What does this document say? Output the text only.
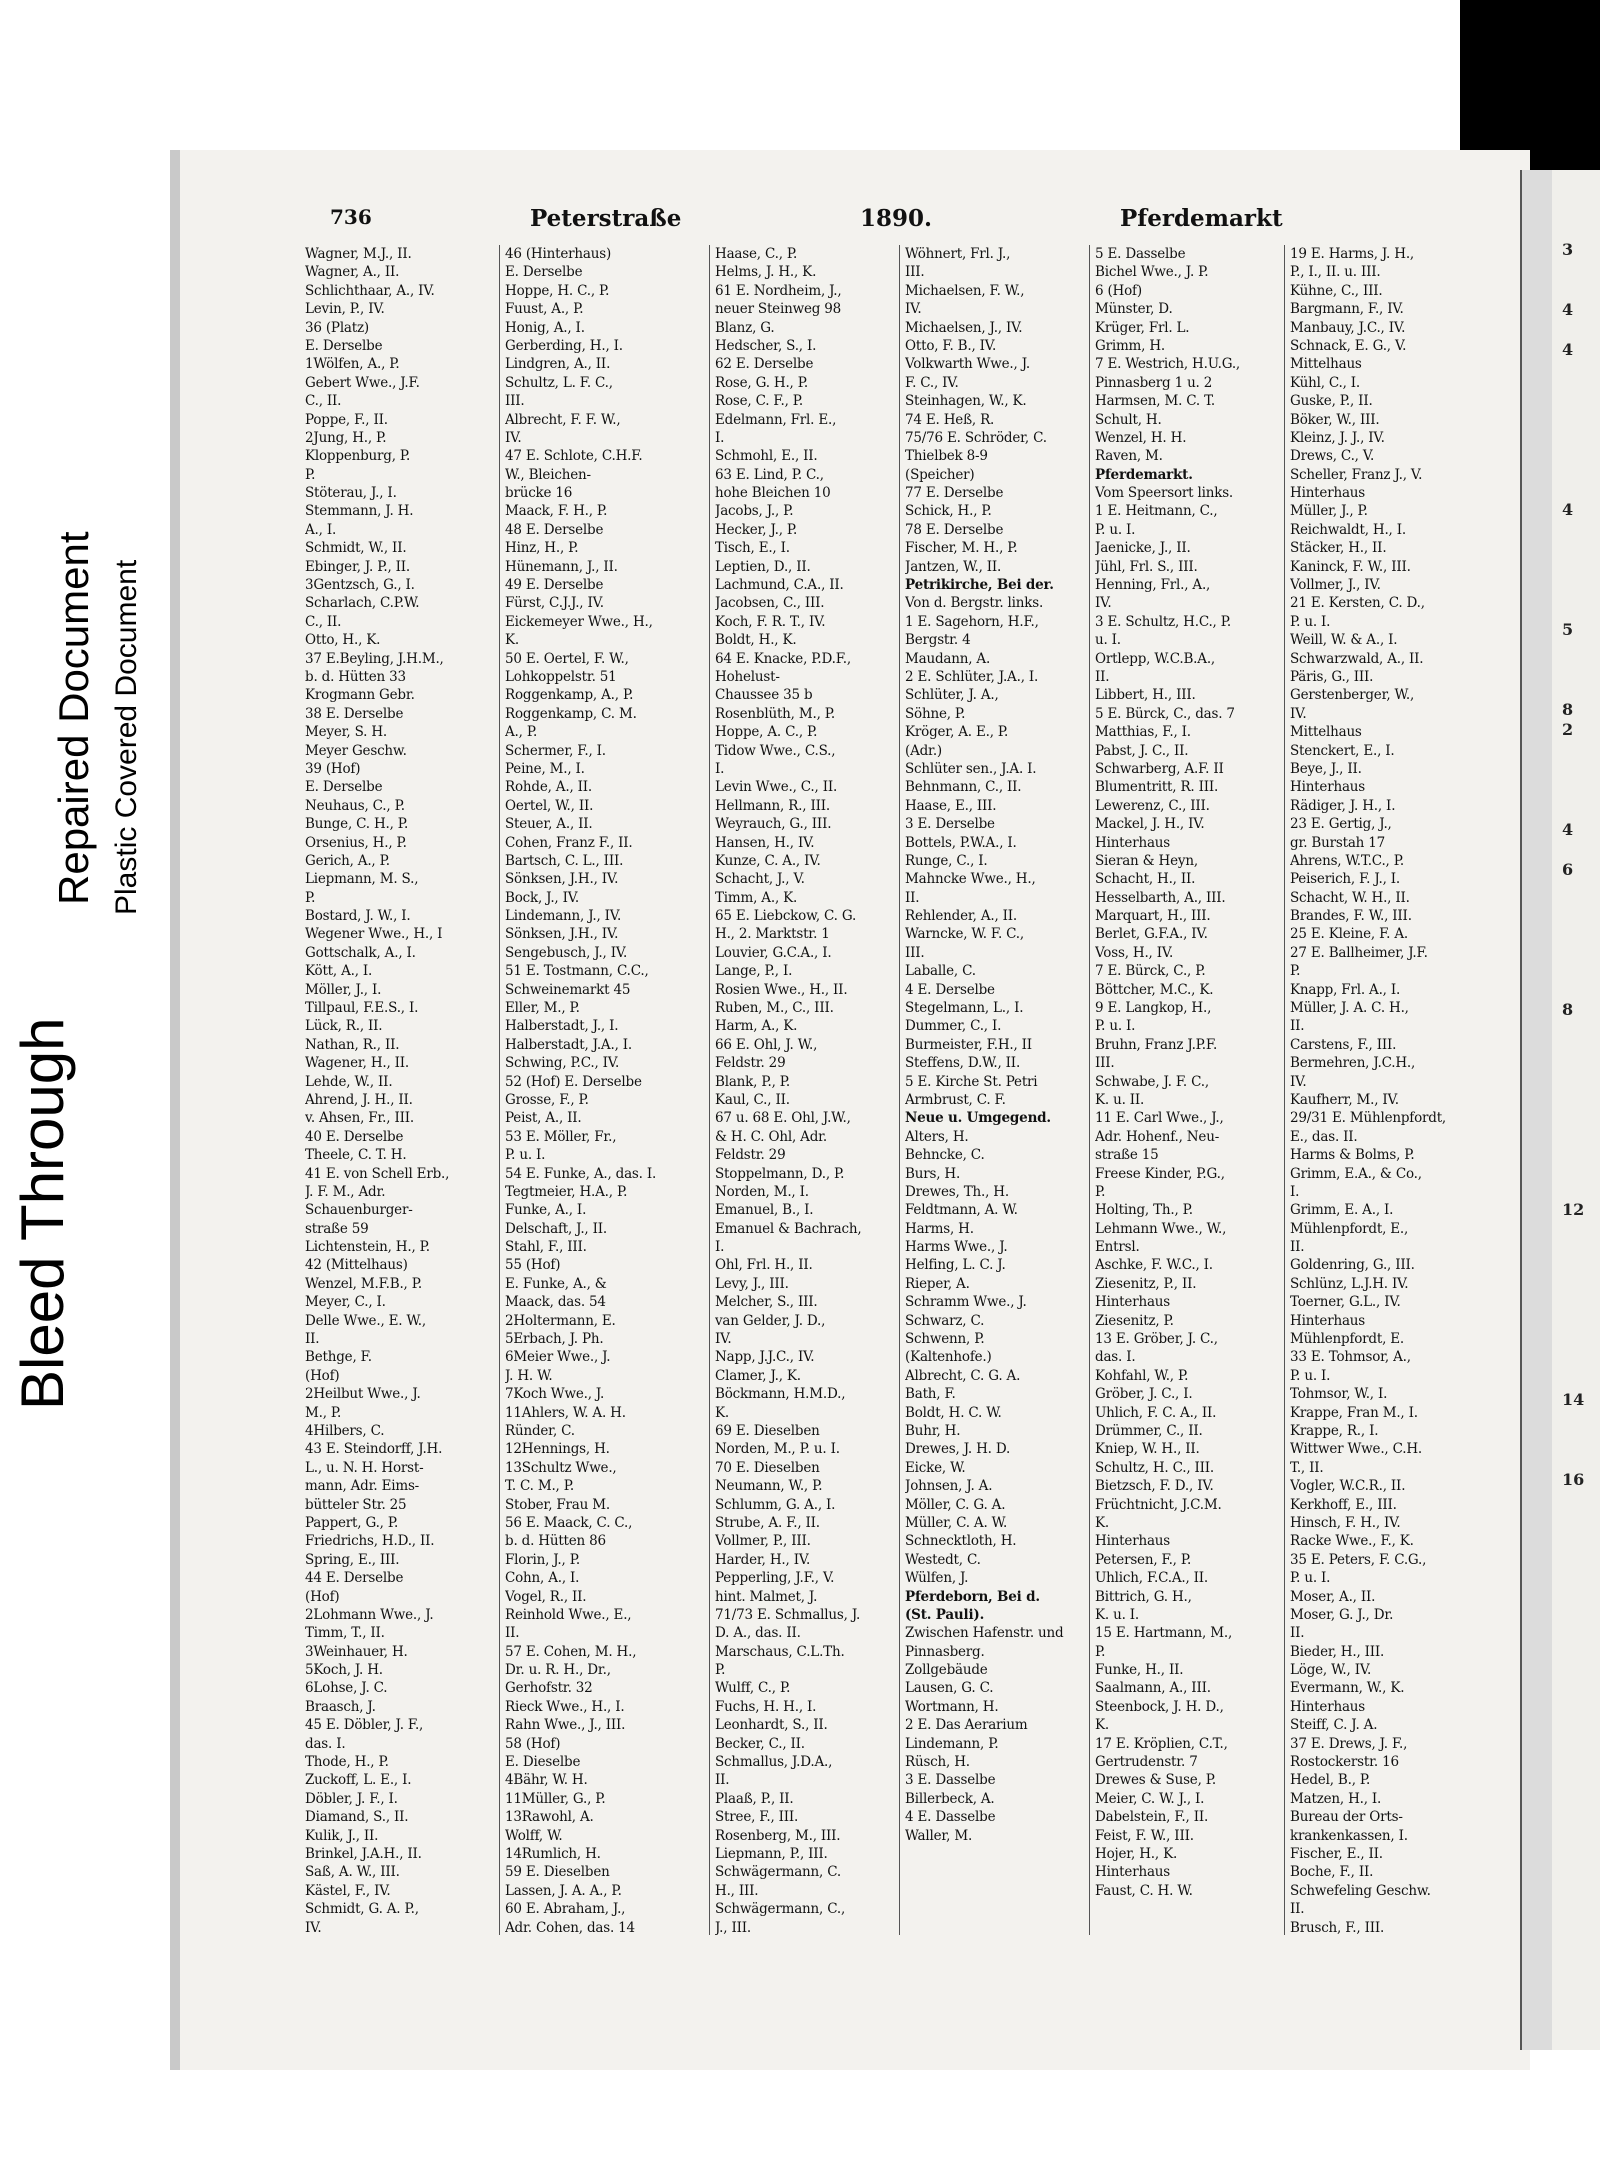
Bleed Through
Repaired Document Plastic Covered Document
3
4
4
4
5
8
2
4
6
8
12
14
16
736	Peterstraße	1890.	Pferdemarkt
Wagner, M.J., II.
Wagner, A., II.
Schlichthaar, A., IV.
Levin, P., IV.
36 (Platz)
E. Derselbe
1Wölfen, A., P.
Gebert Wwe., J.F.
C., II.
Poppe, F., II.
2Jung, H., P.
Kloppenburg, P.
P.
Stöterau, J., I.
Stemmann, J. H.
A., I.
Schmidt, W., II.
Ebinger, J. P., II.
3Gentzsch, G., I.
Scharlach, C.P.W.
C., II.
Otto, H., K.
37 E.Beyling, J.H.M.,
b. d. Hütten 33
Krogmann Gebr.
38 E. Derselbe
Meyer, S. H.
Meyer Geschw.
39 (Hof)
E. Derselbe
Neuhaus, C., P.
Bunge, C. H., P.
Orsenius, H., P.
Gerich, A., P.
Liepmann, M. S.,
P.
Bostard, J. W., I.
Wegener Wwe., H., I
Gottschalk, A., I.
Kött, A., I.
Möller, J., I.
Tillpaul, F.E.S., I.
Lück, R., II.
Nathan, R., II.
Wagener, H., II.
Lehde, W., II.
Ahrend, J. H., II.
v. Ahsen, Fr., III.
40 E. Derselbe
Theele, C. T. H.
41 E. von Schell Erb.,
J. F. M., Adr.
Schauenburger-
straße 59
Lichtenstein, H., P.
42 (Mittelhaus)
Wenzel, M.F.B., P.
Meyer, C., I.
Delle Wwe., E. W.,
II.
Bethge, F.
(Hof)
2Heilbut Wwe., J.
M., P.
4Hilbers, C.
43 E. Steindorff, J.H.
L., u. N. H. Horst-
mann, Adr. Eims-
bütteler Str. 25
Pappert, G., P.
Friedrichs, H.D., II.
Spring, E., III.
44 E. Derselbe
(Hof)
2Lohmann Wwe., J.
Timm, T., II.
3Weinhauer, H.
5Koch, J. H.
6Lohse, J. C.
Braasch, J.
45 E. Döbler, J. F.,
das. I.
Thode, H., P.
Zuckoff, L. E., I.
Döbler, J. F., I.
Diamand, S., II.
Kulik, J., II.
Brinkel, J.A.H., II.
Saß, A. W., III.
Kästel, F., IV.
Schmidt, G. A. P.,
IV.
46 (Hinterhaus)
E. Derselbe
Hoppe, H. C., P.
Fuust, A., P.
Honig, A., I.
Gerberding, H., I.
Lindgren, A., II.
Schultz, L. F. C.,
III.
Albrecht, F. F. W.,
IV.
47 E. Schlote, C.H.F.
W., Bleichen-
brücke 16
Maack, F. H., P.
48 E. Derselbe
Hinz, H., P.
Hünemann, J., II.
49 E. Derselbe
Fürst, C.J.J., IV.
Eickemeyer Wwe., H.,
K.
50 E. Oertel, F. W.,
Lohkoppelstr. 51
Roggenkamp, A., P.
Roggenkamp, C. M.
A., P.
Schermer, F., I.
Peine, M., I.
Rohde, A., II.
Oertel, W., II.
Steuer, A., II.
Cohen, Franz F., II.
Bartsch, C. L., III.
Sönksen, J.H., IV.
Bock, J., IV.
Lindemann, J., IV.
Sönksen, J.H., IV.
Sengebusch, J., IV.
51 E. Tostmann, C.C.,
Schweinemarkt 45
Eller, M., P.
Halberstadt, J., I.
Halberstadt, J.A., I.
Schwing, P.C., IV.
52 (Hof) E. Derselbe
Grosse, F., P.
Peist, A., II.
53 E. Möller, Fr.,
P. u. I.
54 E. Funke, A., das. I.
Tegtmeier, H.A., P.
Funke, A., I.
Delschaft, J., II.
Stahl, F., III.
55 (Hof)
E. Funke, A., &
Maack, das. 54
2Holtermann, E.
5Erbach, J. Ph.
6Meier Wwe., J.
J. H. W.
7Koch Wwe., J.
11Ahlers, W. A. H.
Ründer, C.
12Hennings, H.
13Schultz Wwe.,
T. C. M., P.
Stober, Frau M.
56 E. Maack, C. C.,
b. d. Hütten 86
Florin, J., P.
Cohn, A., I.
Vogel, R., II.
Reinhold Wwe., E.,
II.
57 E. Cohen, M. H.,
Dr. u. R. H., Dr.,
Gerhofstr. 32
Rieck Wwe., H., I.
Rahn Wwe., J., III.
58 (Hof)
E. Dieselbe
4Bähr, W. H.
11Müller, G., P.
13Rawohl, A.
Wolff, W.
14Rumlich, H.
59 E. Dieselben
Lassen, J. A. A., P.
60 E. Abraham, J.,
Adr. Cohen, das. 14
Haase, C., P.
Helms, J. H., K.
61 E. Nordheim, J.,
neuer Steinweg 98
Blanz, G.
Hedscher, S., I.
62 E. Derselbe
Rose, G. H., P.
Rose, C. F., P.
Edelmann, Frl. E.,
I.
Schmohl, E., II.
63 E. Lind, P. C.,
hohe Bleichen 10
Jacobs, J., P.
Hecker, J., P.
Tisch, E., I.
Leptien, D., II.
Lachmund, C.A., II.
Jacobsen, C., III.
Koch, F. R. T., IV.
Boldt, H., K.
64 E. Knacke, P.D.F.,
Hohelust-
Chaussee 35 b
Rosenblüth, M., P.
Hoppe, A. C., P.
Tidow Wwe., C.S.,
I.
Levin Wwe., C., II.
Hellmann, R., III.
Weyrauch, G., III.
Hansen, H., IV.
Kunze, C. A., IV.
Schacht, J., V.
Timm, A., K.
65 E. Liebckow, C. G.
H., 2. Marktstr. 1
Louvier, G.C.A., I.
Lange, P., I.
Rosien Wwe., H., II.
Ruben, M., C., III.
Harm, A., K.
66 E. Ohl, J. W.,
Feldstr. 29
Blank, P., P.
Kaul, C., II.
67 u. 68 E. Ohl, J.W.,
& H. C. Ohl, Adr.
Feldstr. 29
Stoppelmann, D., P.
Norden, M., I.
Emanuel, B., I.
Emanuel & Bachrach,
I.
Ohl, Frl. H., II.
Levy, J., III.
Melcher, S., III.
van Gelder, J. D.,
IV.
Napp, J.J.C., IV.
Clamer, J., K.
Böckmann, H.M.D.,
K.
69 E. Dieselben
Norden, M., P. u. I.
70 E. Dieselben
Neumann, W., P.
Schlumm, G. A., I.
Strube, A. F., II.
Vollmer, P., III.
Harder, H., IV.
Pepperling, J.F., V.
hint. Malmet, J.
71/73 E. Schmallus, J.
D. A., das. II.
Marschaus, C.L.Th.
P.
Wulff, C., P.
Fuchs, H. H., I.
Leonhardt, S., II.
Becker, C., II.
Schmallus, J.D.A.,
II.
Plaaß, P., II.
Stree, F., III.
Rosenberg, M., III.
Liepmann, P., III.
Schwägermann, C.
H., III.
Schwägermann, C.,
J., III.
Wöhnert, Frl. J.,
III.
Michaelsen, F. W.,
IV.
Michaelsen, J., IV.
Otto, F. B., IV.
Volkwarth Wwe., J.
F. C., IV.
Steinhagen, W., K.
74 E. Heß, R.
75/76 E. Schröder, C.
Thielbek 8-9
(Speicher)
77 E. Derselbe
Schick, H., P.
78 E. Derselbe
Fischer, M. H., P.
Jantzen, W., II.
Petrikirche, Bei der.
Von d. Bergstr. links.
1 E. Sagehorn, H.F.,
Bergstr. 4
Maudann, A.
2 E. Schlüter, J.A., I.
Schlüter, J. A.,
Söhne, P.
Kröger, A. E., P.
(Adr.)
Schlüter sen., J.A. I.
Behnmann, C., II.
Haase, E., III.
3 E. Derselbe
Bottels, P.W.A., I.
Runge, C., I.
Mahncke Wwe., H.,
II.
Rehlender, A., II.
Warncke, W. F. C.,
III.
Laballe, C.
4 E. Derselbe
Stegelmann, L., I.
Dummer, C., I.
Burmeister, F.H., II
Steffens, D.W., II.
5 E. Kirche St. Petri
Armbrust, C. F.
Neue u. Umgegend.
Alters, H.
Behncke, C.
Burs, H.
Drewes, Th., H.
Feldtmann, A. W.
Harms, H.
Harms Wwe., J.
Helfing, L. C. J.
Rieper, A.
Schramm Wwe., J.
Schwarz, C.
Schwenn, P.
(Kaltenhofe.)
Albrecht, C. G. A.
Bath, F.
Boldt, H. C. W.
Buhr, H.
Drewes, J. H. D.
Eicke, W.
Johnsen, J. A.
Möller, C. G. A.
Müller, C. A. W.
Schnecktloth, H.
Westedt, C.
Wülfen, J.
Pferdeborn, Bei d.
(St. Pauli).
Zwischen Hafenstr. und
Pinnasberg.
Zollgebäude
Lausen, G. C.
Wortmann, H.
2 E. Das Aerarium
Lindemann, P.
Rüsch, H.
3 E. Dasselbe
Billerbeck, A.
4 E. Dasselbe
Waller, M.
5 E. Dasselbe
Bichel Wwe., J. P.
6 (Hof)
Münster, D.
Krüger, Frl. L.
Grimm, H.
7 E. Westrich, H.U.G.,
Pinnasberg 1 u. 2
Harmsen, M. C. T.
Schult, H.
Wenzel, H. H.
Raven, M.
Pferdemarkt.
Vom Speersort links.
1 E. Heitmann, C.,
P. u. I.
Jaenicke, J., II.
Jühl, Frl. S., III.
Henning, Frl., A.,
IV.
3 E. Schultz, H.C., P.
u. I.
Ortlepp, W.C.B.A.,
II.
Libbert, H., III.
5 E. Bürck, C., das. 7
Matthias, F., I.
Pabst, J. C., II.
Schwarberg, A.F. II
Blumentritt, R. III.
Lewerenz, C., III.
Mackel, J. H., IV.
Hinterhaus
Sieran & Heyn,
Schacht, H., II.
Hesselbarth, A., III.
Marquart, H., III.
Berlet, G.F.A., IV.
Voss, H., IV.
7 E. Bürck, C., P.
Böttcher, M.C., K.
9 E. Langkop, H.,
P. u. I.
Bruhn, Franz J.P.F.
III.
Schwabe, J. F. C.,
K. u. II.
11 E. Carl Wwe., J.,
Adr. Hohenf., Neu-
straße 15
Freese Kinder, P.G.,
P.
Holting, Th., P.
Lehmann Wwe., W.,
Entrsl.
Aschke, F. W.C., I.
Ziesenitz, P., II.
Hinterhaus
Ziesenitz, P.
13 E. Gröber, J. C.,
das. I.
Kohfahl, W., P.
Gröber, J. C., I.
Uhlich, F. C. A., II.
Drümmer, C., II.
Kniep, W. H., II.
Schultz, H. C., III.
Bietzsch, F. D., IV.
Früchtnicht, J.C.M.
K.
Hinterhaus
Petersen, F., P.
Uhlich, F.C.A., II.
Bittrich, G. H.,
K. u. I.
15 E. Hartmann, M.,
P.
Funke, H., II.
Saalmann, A., III.
Steenbock, J. H. D.,
K.
17 E. Kröplien, C.T.,
Gertrudenstr. 7
Drewes & Suse, P.
Meier, C. W. J., I.
Dabelstein, F., II.
Feist, F. W., III.
Hojer, H., K.
Hinterhaus
Faust, C. H. W.
19 E. Harms, J. H.,
P., I., II. u. III.
Kühne, C., III.
Bargmann, F., IV.
Manbauy, J.C., IV.
Schnack, E. G., V.
Mittelhaus
Kühl, C., I.
Guske, P., II.
Böker, W., III.
Kleinz, J. J., IV.
Drews, C., V.
Scheller, Franz J., V.
Hinterhaus
Müller, J., P.
Reichwaldt, H., I.
Stäcker, H., II.
Kaninck, F. W., III.
Vollmer, J., IV.
21 E. Kersten, C. D.,
P. u. I.
Weill, W. & A., I.
Schwarzwald, A., II.
Päris, G., III.
Gerstenberger, W.,
IV.
Mittelhaus
Stenckert, E., I.
Beye, J., II.
Hinterhaus
Rädiger, J. H., I.
23 E. Gertig, J.,
gr. Burstah 17
Ahrens, W.T.C., P.
Peiserich, F. J., I.
Schacht, W. H., II.
Brandes, F. W., III.
25 E. Kleine, F. A.
27 E. Ballheimer, J.F.
P.
Knapp, Frl. A., I.
Müller, J. A. C. H.,
II.
Carstens, F., III.
Bermehren, J.C.H.,
IV.
Kaufherr, M., IV.
29/31 E. Mühlenpfordt,
E., das. II.
Harms & Bolms, P.
Grimm, E.A., & Co.,
I.
Grimm, E. A., I.
Mühlenpfordt, E.,
II.
Goldenring, G., III.
Schlünz, L.J.H. IV.
Toerner, G.L., IV.
Hinterhaus
Mühlenpfordt, E.
33 E. Tohmsor, A.,
P. u. I.
Tohmsor, W., I.
Krappe, Fran M., I.
Krappe, R., I.
Wittwer Wwe., C.H.
T., II.
Vogler, W.C.R., II.
Kerkhoff, E., III.
Hinsch, F. H., IV.
Racke Wwe., F., K.
35 E. Peters, F. C.G.,
P. u. I.
Moser, A., II.
Moser, G. J., Dr.
II.
Bieder, H., III.
Löge, W., IV.
Evermann, W., K.
Hinterhaus
Steiff, C. J. A.
37 E. Drews, J. F.,
Rostockerstr. 16
Hedel, B., P.
Matzen, H., I.
Bureau der Orts-
krankenkassen, I.
Fischer, E., II.
Boche, F., II.
Schwefeling Geschw.
II.
Brusch, F., III.
